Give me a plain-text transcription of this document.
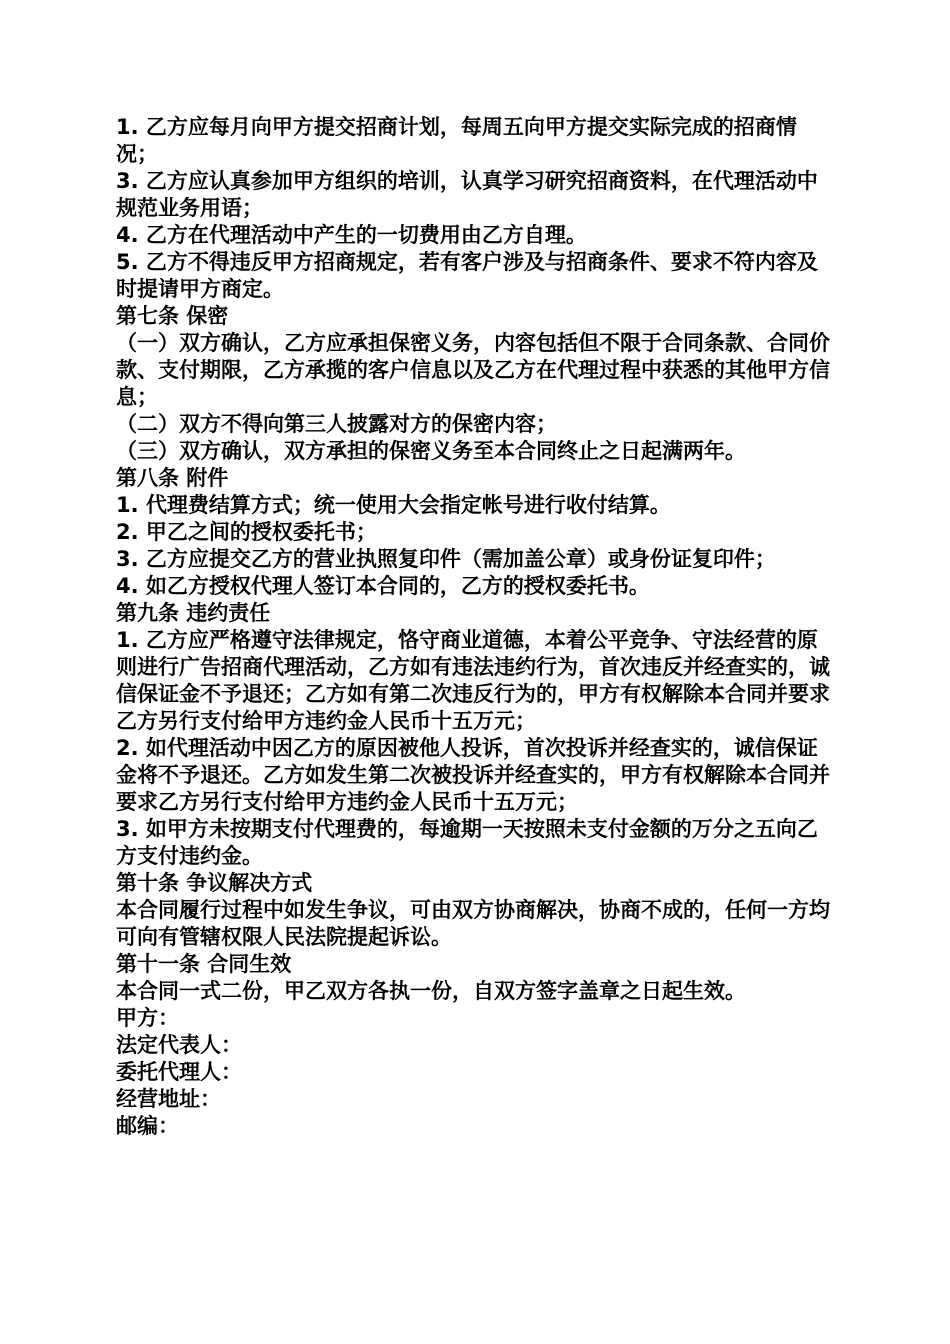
1. 乙方应每月向甲方提交招商计划，每周五向甲方提交实际完成的招商情况；

3. 乙方应认真参加甲方组织的培训，认真学习研究招商资料，在代理活动中规范业务用语；

4. 乙方在代理活动中产生的一切费用由乙方自理。

5. 乙方不得违反甲方招商规定，若有客户涉及与招商条件、要求不符内容及时提请甲方商定。

第七条 保密

（一）双方确认，乙方应承担保密义务，内容包括但不限于合同条款、合同价款、支付期限，乙方承揽的客户信息以及乙方在代理过程中获悉的其他甲方信息；

（二）双方不得向第三人披露对方的保密内容；

（三）双方确认，双方承担的保密义务至本合同终止之日起满两年。

第八条 附件

1. 代理费结算方式；统一使用大会指定帐号进行收付结算。

2. 甲乙之间的授权委托书；

3. 乙方应提交乙方的营业执照复印件（需加盖公章）或身份证复印件；

4. 如乙方授权代理人签订本合同的，乙方的授权委托书。

第九条 违约责任

1. 乙方应严格遵守法律规定，恪守商业道德，本着公平竞争、守法经营的原则进行广告招商代理活动，乙方如有违法违约行为，首次违反并经查实的，诚信保证金不予退还；乙方如有第二次违反行为的，甲方有权解除本合同并要求乙方另行支付给甲方违约金人民币十五万元；

2. 如代理活动中因乙方的原因被他人投诉，首次投诉并经查实的，诚信保证金将不予退还。乙方如发生第二次被投诉并经查实的，甲方有权解除本合同并要求乙方另行支付给甲方违约金人民币十五万元；

3. 如甲方未按期支付代理费的，每逾期一天按照未支付金额的万分之五向乙方支付违约金。

第十条 争议解决方式

本合同履行过程中如发生争议，可由双方协商解决，协商不成的，任何一方均可向有管辖权限人民法院提起诉讼。

第十一条 合同生效

本合同一式二份，甲乙双方各执一份，自双方签字盖章之日起生效。

甲方：

法定代表人：

委托代理人：

经营地址：

邮编：
